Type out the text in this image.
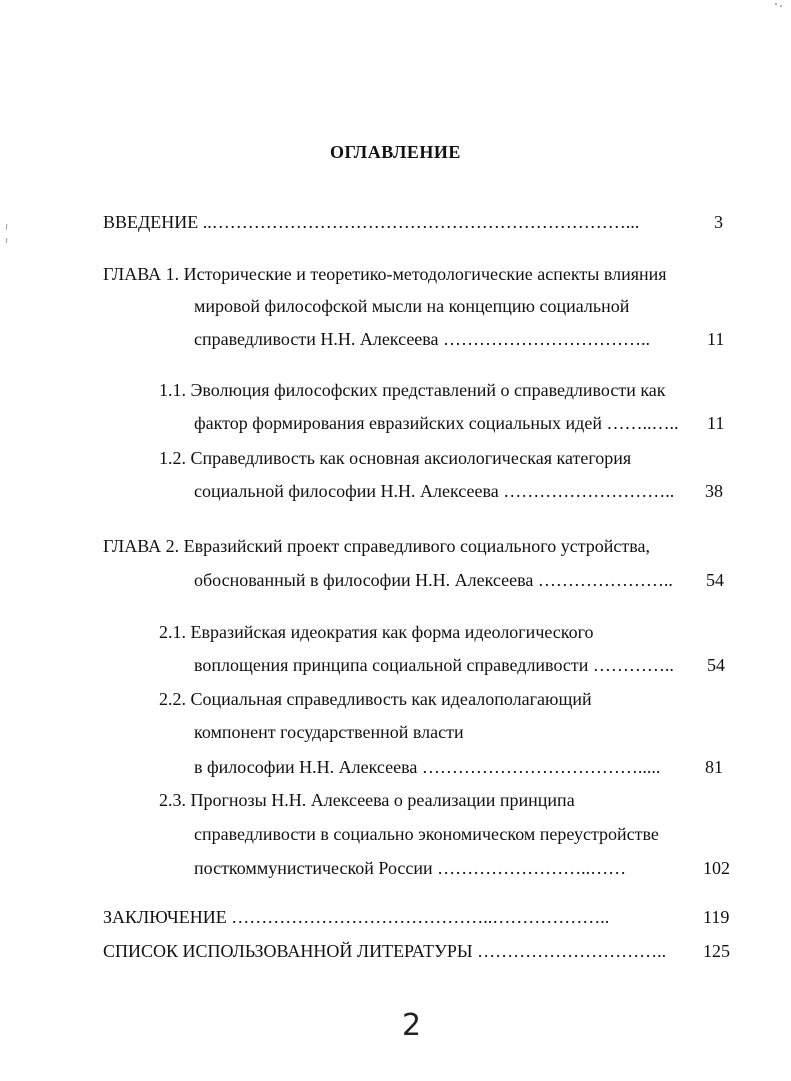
ОГЛАВЛЕНИЕ
ВВЕДЕНИЕ ..……………………………………………………………...	3
ГЛАВА 1. Исторические и теоретико-методологические аспекты влияния
мировой философской мысли на концепцию социальной
справедливости Н.Н. Алексеева ……………………………..	11
1.1. Эволюция философских представлений о справедливости как
фактор формирования евразийских социальных идей ……..….. 11
1.2. Справедливость как основная аксиологическая категория
социальной философии Н.Н. Алексеева ……………………….. 38
ГЛАВА 2. Евразийский проект справедливого социального устройства,
обоснованный в философии Н.Н. Алексеева ………………….. 54
2.1. Евразийская идеократия как форма идеологического
воплощения принципа социальной справедливости ………….. 54
2.2. Социальная справедливость как идеалополагающий
компонент государственной власти
в философии Н.Н. Алексеева ………………………………..... 81
2.3. Прогнозы Н.Н. Алексеева о реализации принципа
справедливости в социально экономическом переустройстве
посткоммунистической России ……………………..……	102
ЗАКЛЮЧЕНИЕ ……………………………………..………………..	119
СПИСОК ИСПОЛЬЗОВАННОЙ ЛИТЕРАТУРЫ ………………………….. 125
2
